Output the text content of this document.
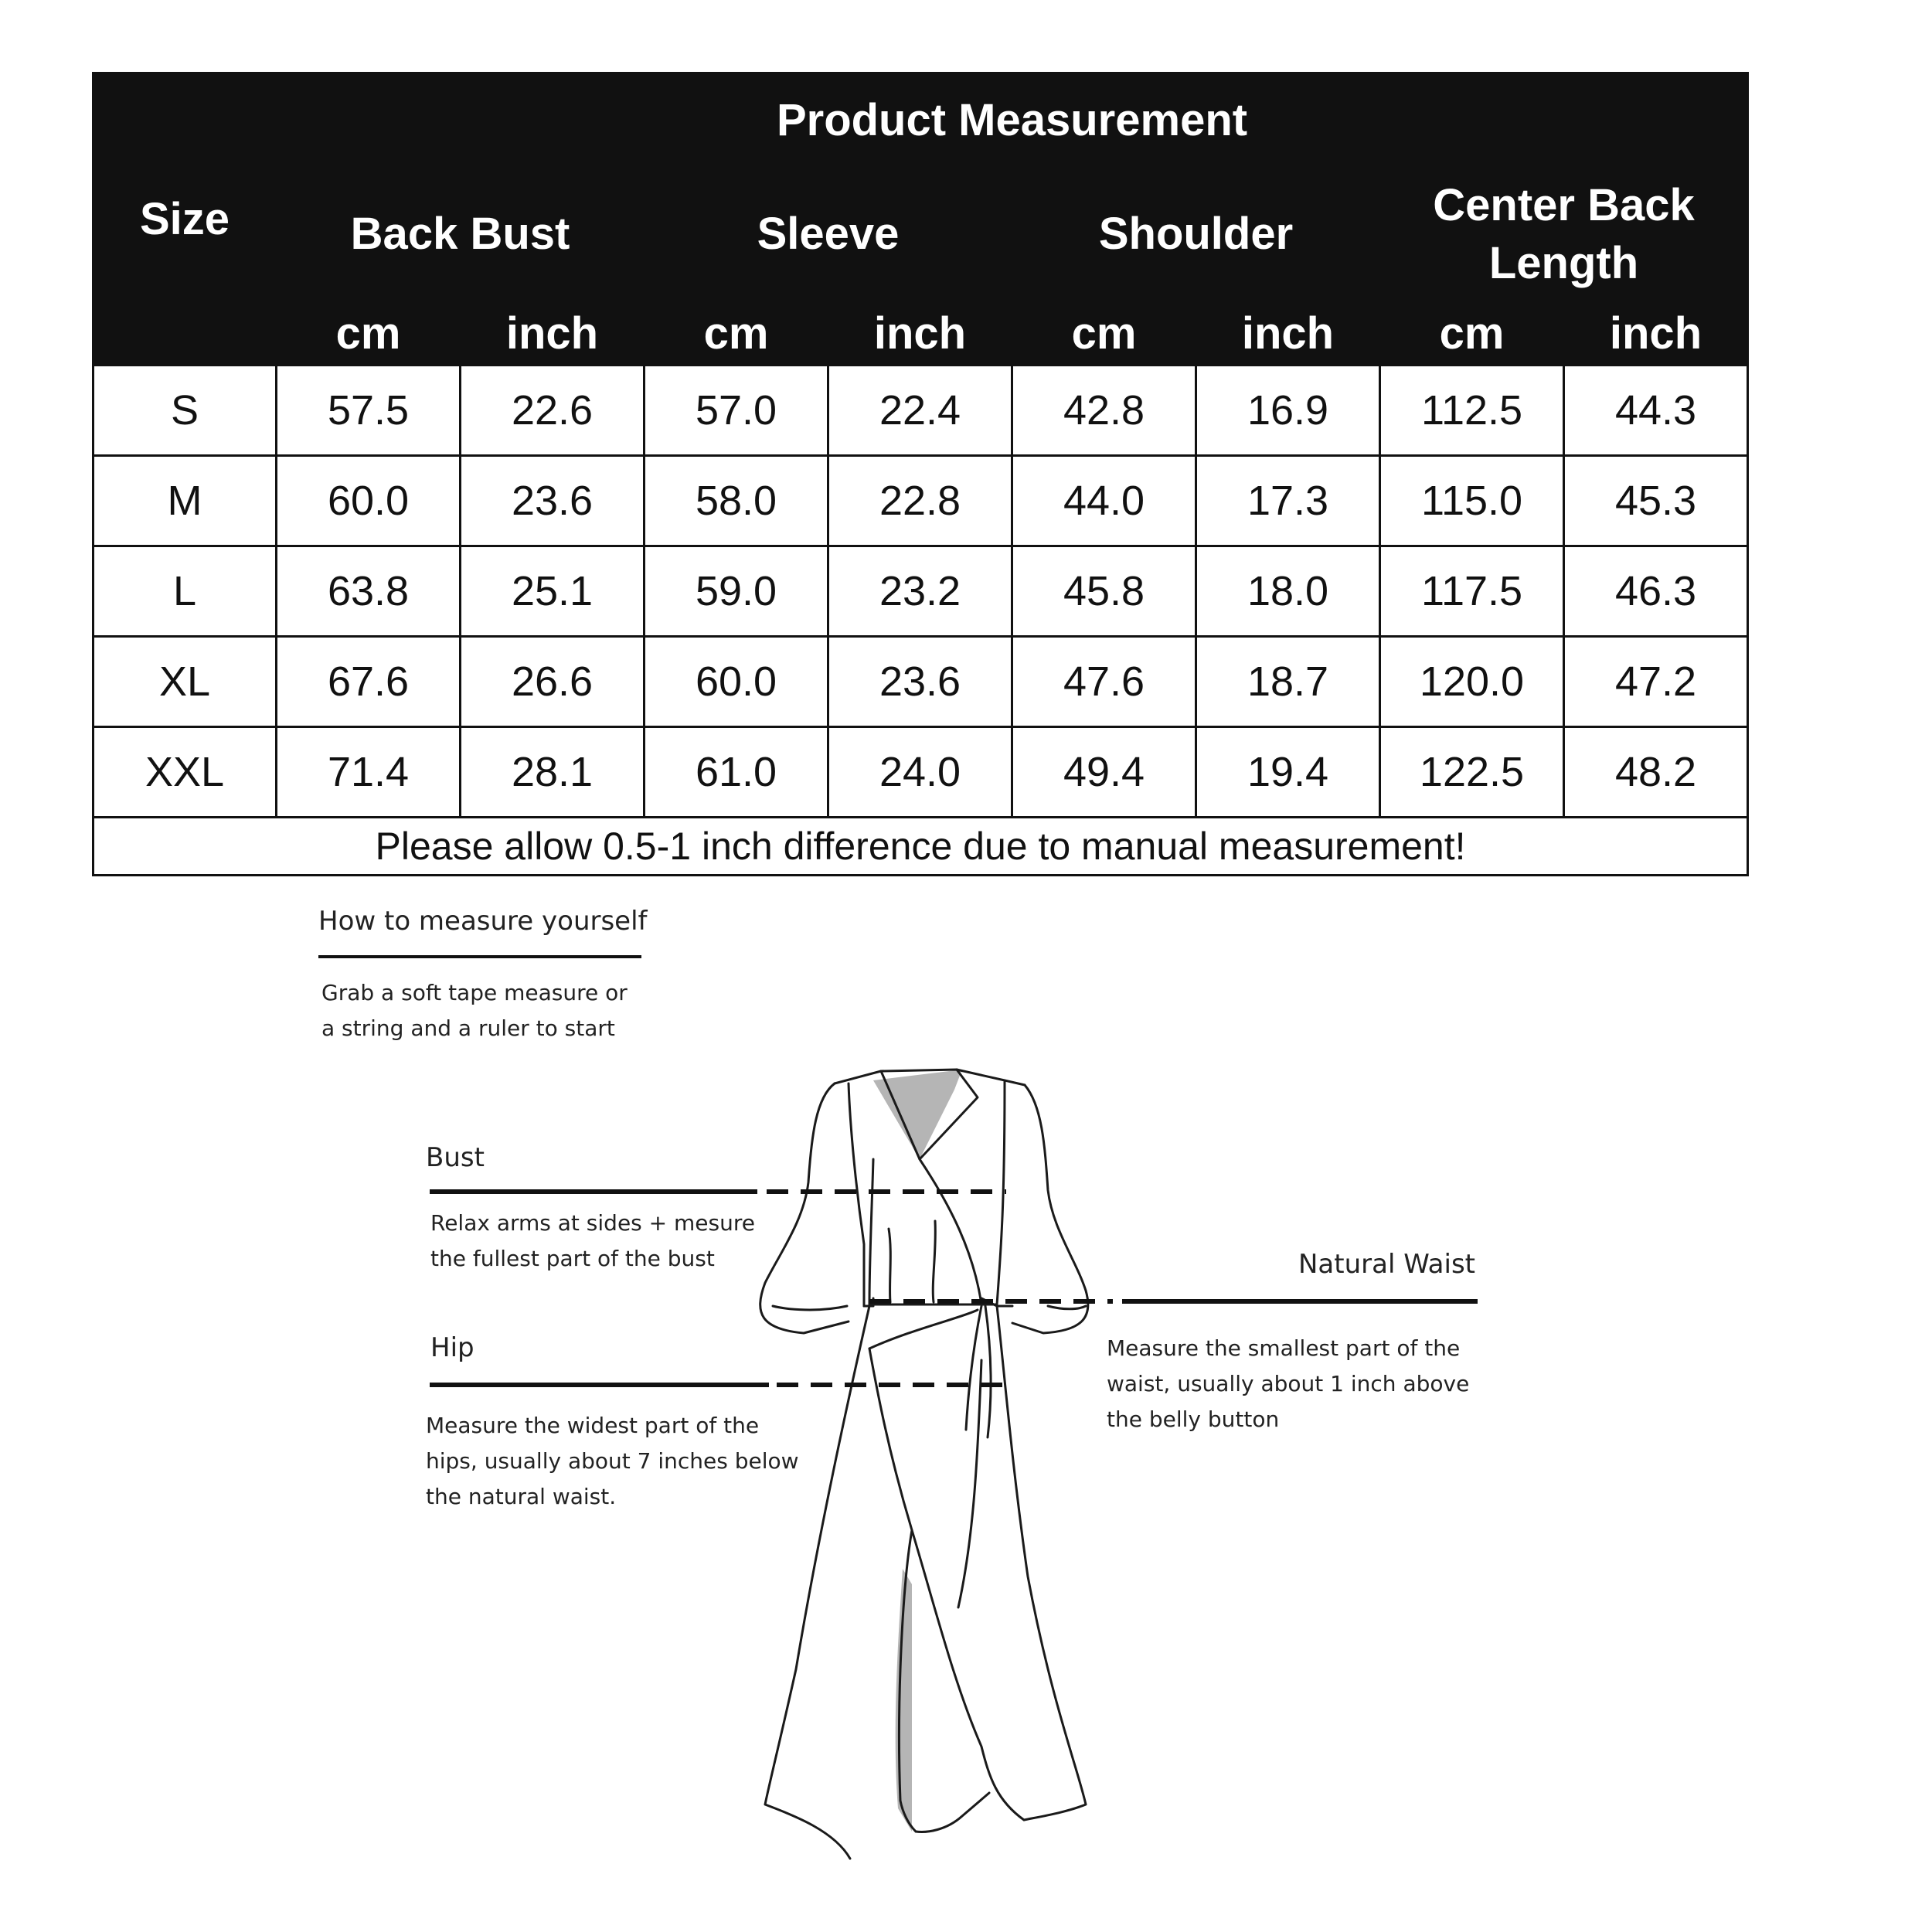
Size	Product Measurement							
	Back Bust		Sleeve		Shoulder		Center Back Length	
	cm	inch	cm	inch	cm	inch	cm	inch
S	57.5	22.6	57.0	22.4	42.8	16.9	112.5	44.3
M	60.0	23.6	58.0	22.8	44.0	17.3	115.0	45.3
L	63.8	25.1	59.0	23.2	45.8	18.0	117.5	46.3
XL	67.6	26.6	60.0	23.6	47.6	18.7	120.0	47.2
XXL	71.4	28.1	61.0	24.0	49.4	19.4	122.5	48.2
Please allow 0.5-1 inch difference due to manual measurement!								
How to measure yourself
Grab a soft tape measure or
a string and a ruler to start
Bust
Relax arms at sides + mesure
the fullest part of the bust
Hip
Measure the widest part of the
hips, usually about 7 inches below
the natural waist.
Natural Waist
Measure the smallest part of the
waist, usually about 1 inch above
the belly button
